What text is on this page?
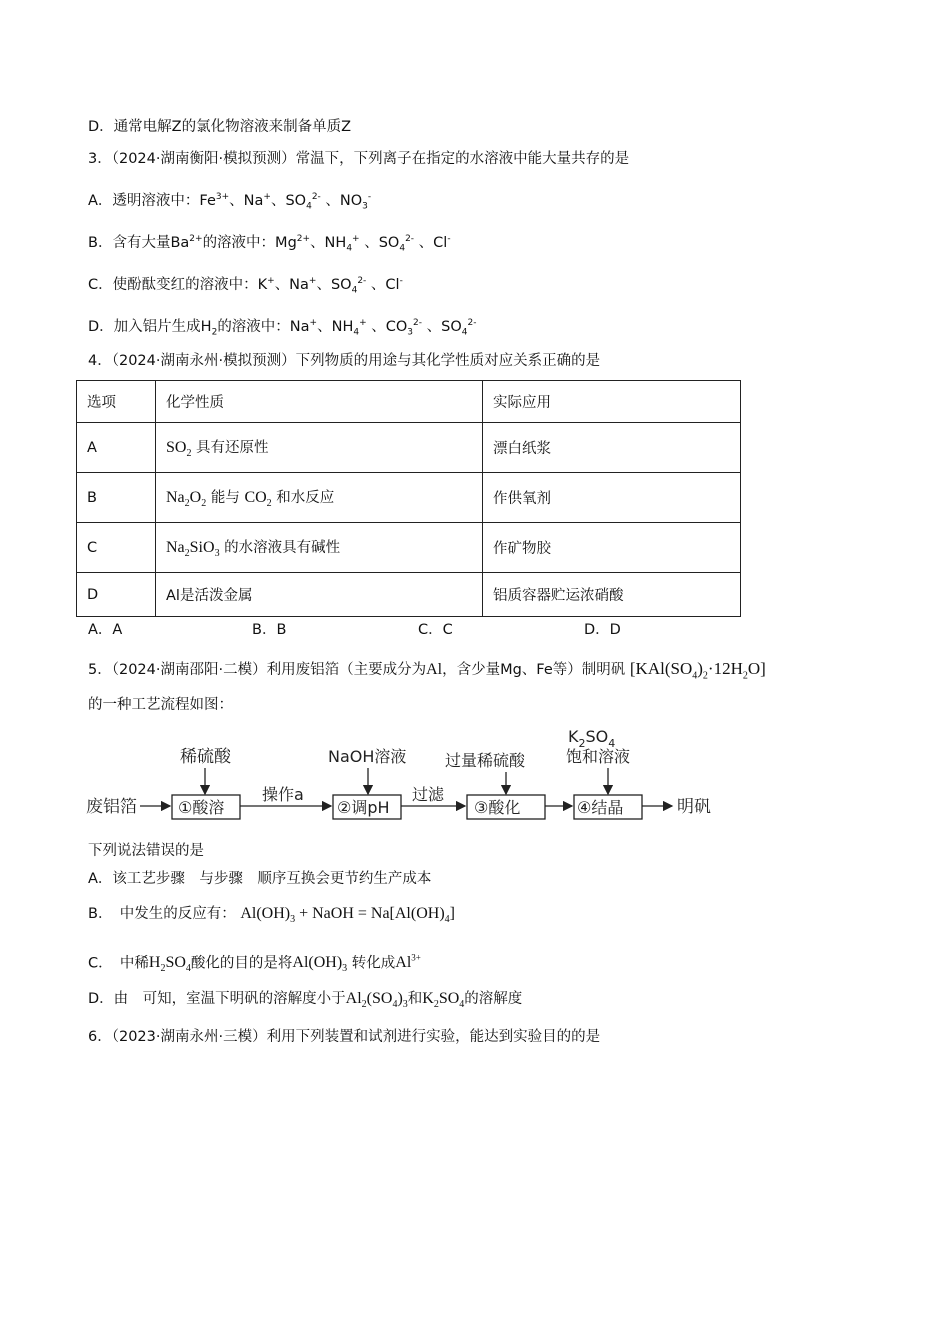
D．通常电解Z的氯化物溶液来制备单质Z
3．（2024·湖南衡阳·模拟预测）常温下，下列离子在指定的水溶液中能大量共存的是
A．透明溶液中：$Fe^{3+}$、Na+、$SO_4^{2-}$ 、$NO_3^-$
B．含有大量$Ba^{2+}$的溶液中：$Mg^{2+}$、$NH_4^+$ 、$SO_4^{2-}$ 、Cl-
C．使酚酞变红的溶液中：K+、Na+、$SO_4^{2-}$ 、Cl-
D．加入铝片生成$H_2$的溶液中：Na+、$NH_4^+$ 、$CO_3^{2-}$ 、$SO_4^{2-}$
4．（2024·湖南永州·模拟预测）下列物质的用途与其化学性质对应关系正确的是
选项	化学性质	实际应用
A	$SO_2$ 具有还原性	漂白纸浆
B	$Na_2O_2$ 能与 $CO_2$ 和水反应	作供氧剂
C	$Na_2SiO_3$ 的水溶液具有碱性	作矿物胶
D	Al是活泼金属	铝质容器贮运浓硝酸
A．A	B．B	C．C	D．D
5．（2024·湖南邵阳·二模）利用废铝箔（主要成分为Al，含少量Mg、Fe等）制明矾 $[KAl(SO_4)_2\cdot 12H_2O]$
的一种工艺流程如图：
稀硫酸	NaOH溶液 过量稀硫酸
$K_2SO_4$
饱和溶液
废铝箔	①酸溶
操作a
②调pH
过滤
③酸化	④结晶	明矾
下列说法错误的是
A．该工艺步骤　与步骤　顺序互换会更节约生产成本
B．　中发生的反应有： $Al(OH)_3$ + NaOH = $Na[Al(OH)_4]$
C．　中稀$H_2SO_4$酸化的目的是将$Al(OH)_3$ 转化成$Al^{3+}$
D．由　可知，室温下明矾的溶解度小于$Al_2(SO_4)_3$和$K_2SO_4$的溶解度
6．（2023·湖南永州·三模）利用下列装置和试剂进行实验，能达到实验目的的是
